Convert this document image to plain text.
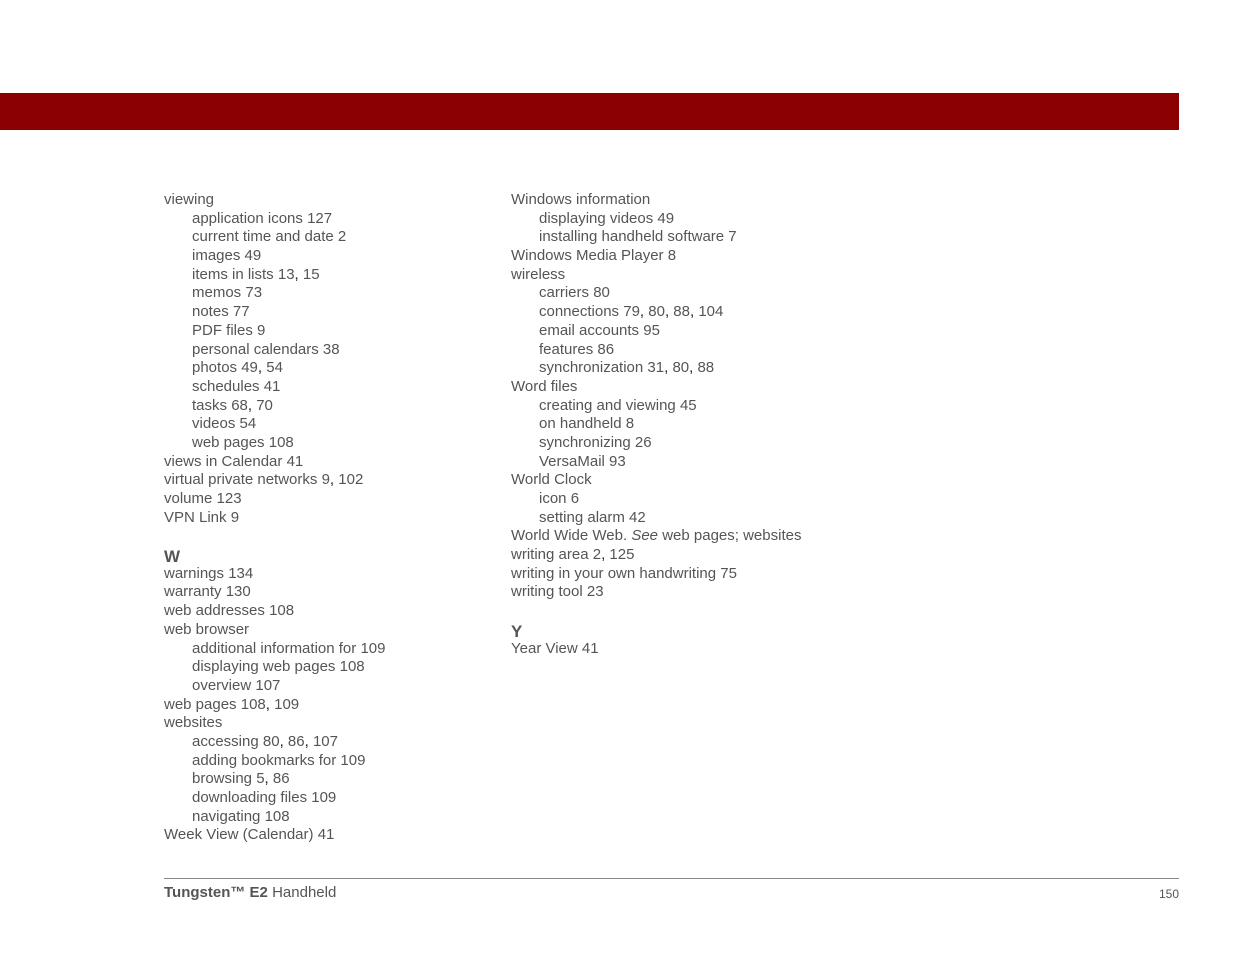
viewing
application icons 127
current time and date 2
images 49
items in lists 13 , 15
memos 73
notes 77
PDF files 9
personal calendars 38
photos 49 , 54
schedules 41
tasks 68 , 70
videos 54
web pages 108
views in Calendar 41
virtual private networks 9 , 102
volume 123
VPN Link 9
W
warnings 134
warranty 130
web addresses 108
web browser
additional information for 109
displaying web pages 108
overview 107
web pages 108 , 109
websites
accessing 80 , 86 , 107
adding bookmarks for 109
browsing 5 , 86
downloading files 109
navigating 108
Week View (Calendar) 41
Windows information
displaying videos 49
installing handheld software 7
Windows Media Player 8
wireless
carriers 80
connections 79 , 80 , 88 , 104
email accounts 95
features 86
synchronization 31 , 80 , 88
Word files
creating and viewing 45
on handheld 8
synchronizing 26
VersaMail 93
World Clock
icon 6
setting alarm 42
World Wide Web. See web pages; websites
writing area 2 , 125
writing in your own handwriting 75
writing tool 23
Y
Year View 41
Tungsten™ E2 Handheld	150
